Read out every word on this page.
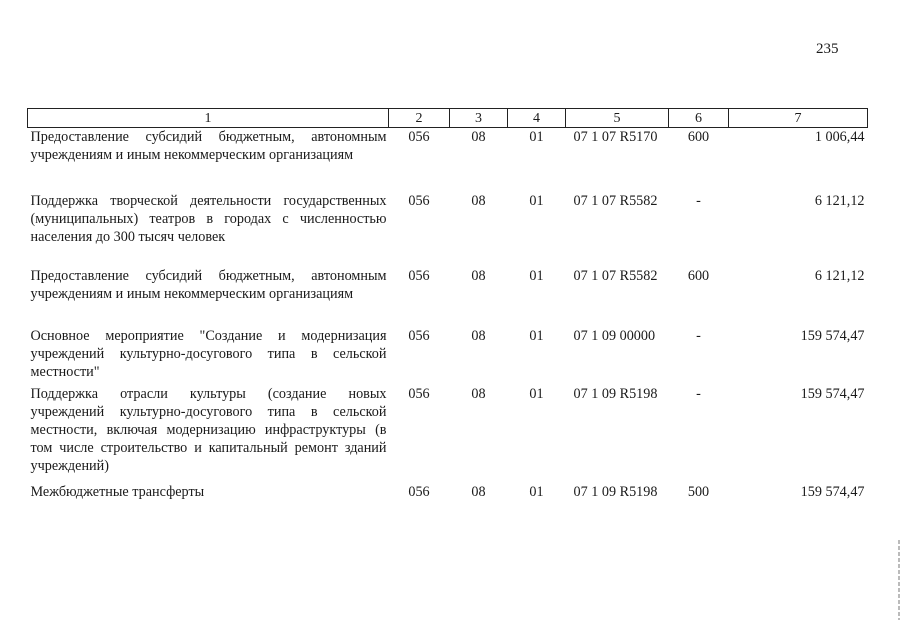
235
1	2	3	4	5	6	7
Предоставление субсидий бюджетным, автономным учреждениям и иным некоммерческим организациям	056	08	01	07 1 07 R5170	600	1 006,44
Поддержка творческой деятельности государственных (муниципальных) театров в городах с численностью населения до 300 тысяч человек	056	08	01	07 1 07 R5582	-	6 121,12
Предоставление субсидий бюджетным, автономным учреждениям и иным некоммерческим организациям	056	08	01	07 1 07 R5582	600	6 121,12
Основное мероприятие "Создание и модернизация учреждений культурно-досугового типа в сельской местности"	056	08	01	07 1 09 00000	-	159 574,47
Поддержка отрасли культуры (создание новых учреждений культурно-досугового типа в сельской местности, включая модернизацию инфраструктуры (в том числе строительство и капитальный ремонт зданий учреждений)	056	08	01	07 1 09 R5198	-	159 574,47
Межбюджетные трансферты	056	08	01	07 1 09 R5198	500	159 574,47
